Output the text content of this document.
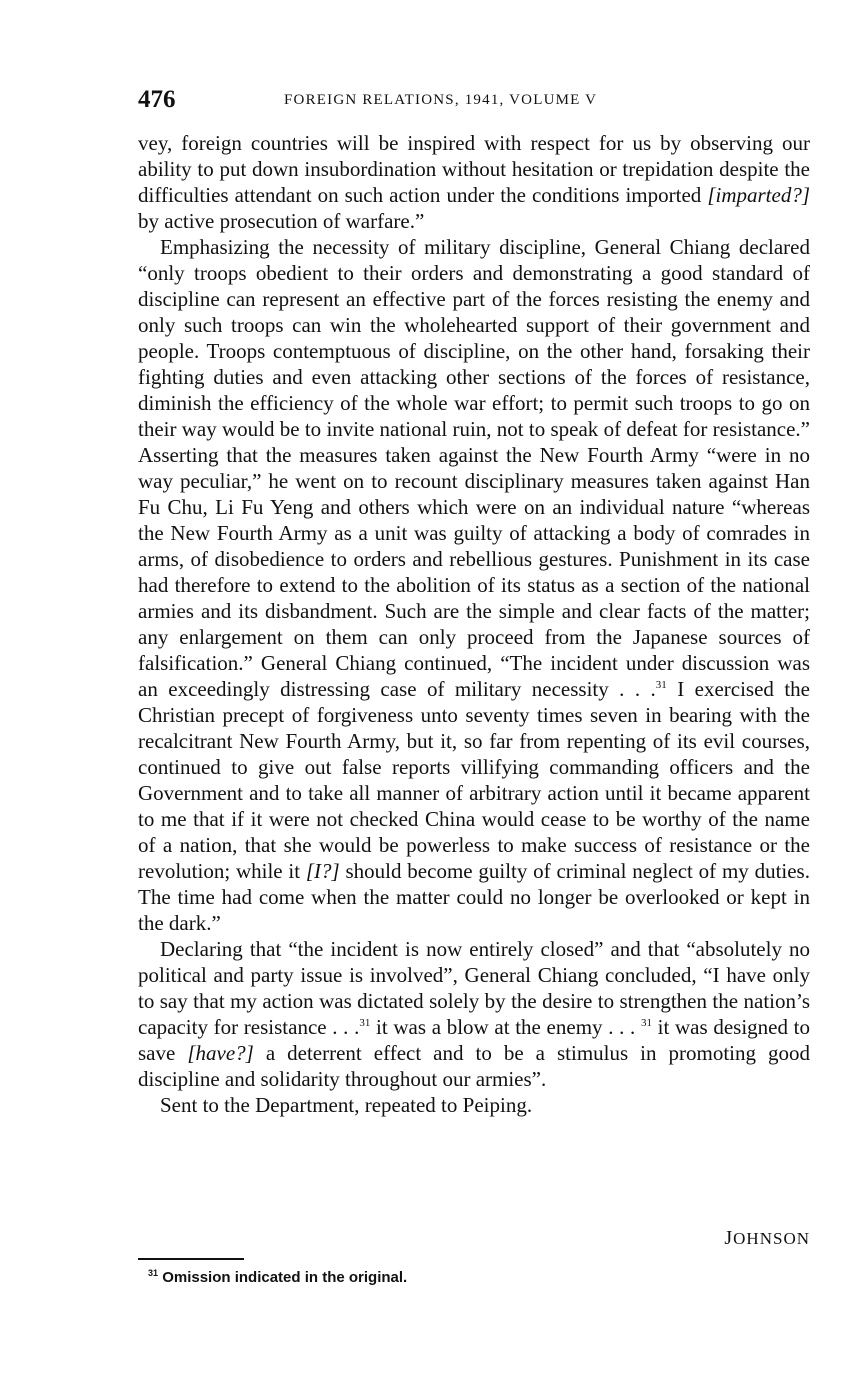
476	FOREIGN RELATIONS, 1941, VOLUME V

vey, foreign countries will be inspired with respect for us by observing our ability to put down insubordination without hesitation or trepidation despite the difficulties attendant on such action under the conditions imported [imparted?] by active prosecution of warfare.”

Emphasizing the necessity of military discipline, General Chiang declared “only troops obedient to their orders and demonstrating a good standard of discipline can represent an effective part of the forces resisting the enemy and only such troops can win the wholehearted support of their government and people. Troops contemptuous of discipline, on the other hand, forsaking their fighting duties and even attacking other sections of the forces of resistance, diminish the efficiency of the whole war effort; to permit such troops to go on their way would be to invite national ruin, not to speak of defeat for resistance.” Asserting that the measures taken against the New Fourth Army “were in no way peculiar,” he went on to recount disciplinary measures taken against Han Fu Chu, Li Fu Yeng and others which were on an individual nature “whereas the New Fourth Army as a unit was guilty of attacking a body of comrades in arms, of disobedience to orders and rebellious gestures. Punishment in its case had therefore to extend to the abolition of its status as a section of the national armies and its disbandment. Such are the simple and clear facts of the matter; any enlargement on them can only proceed from the Japanese sources of falsification.” General Chiang continued, “The incident under discussion was an exceedingly distressing case of military necessity . . .$^{31}$ I exercised the Christian precept of forgiveness unto seventy times seven in bearing with the recalcitrant New Fourth Army, but it, so far from repenting of its evil courses, continued to give out false reports villifying commanding officers and the Government and to take all manner of arbitrary action until it became apparent to me that if it were not checked China would cease to be worthy of the name of a nation, that she would be powerless to make success of resistance or the revolution; while it [I?] should become guilty of criminal neglect of my duties. The time had come when the matter could no longer be overlooked or kept in the dark.”

Declaring that “the incident is now entirely closed” and that “absolutely no political and party issue is involved”, General Chiang concluded, “I have only to say that my action was dictated solely by the desire to strengthen the nation’s capacity for resistance . . .$^{31}$ it was a blow at the enemy . . . $^{31}$ it was designed to save [have?] a deterrent effect and to be a stimulus in promoting good discipline and solidarity throughout our armies”.

Sent to the Department, repeated to Peiping.

JOHNSON
$^{31}$ Omission indicated in the original.
